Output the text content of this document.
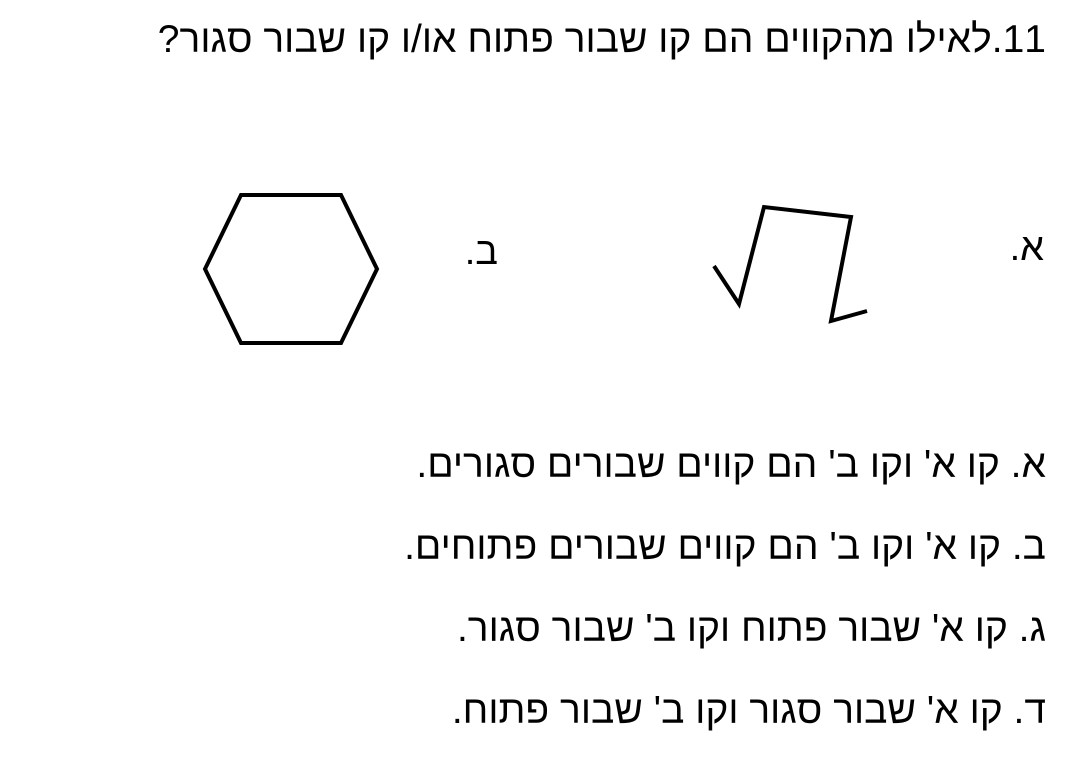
11.לאילו מהקווים הם קו שבור פתוח או/ו קו שבור סגור?
א.
ב.
א. קו א' וקו ב' הם קווים שבורים סגורים.
ב. קו א' וקו ב' הם קווים שבורים פתוחים.
ג. קו א' שבור פתוח וקו ב' שבור סגור.
ד. קו א' שבור סגור וקו ב' שבור פתוח.
